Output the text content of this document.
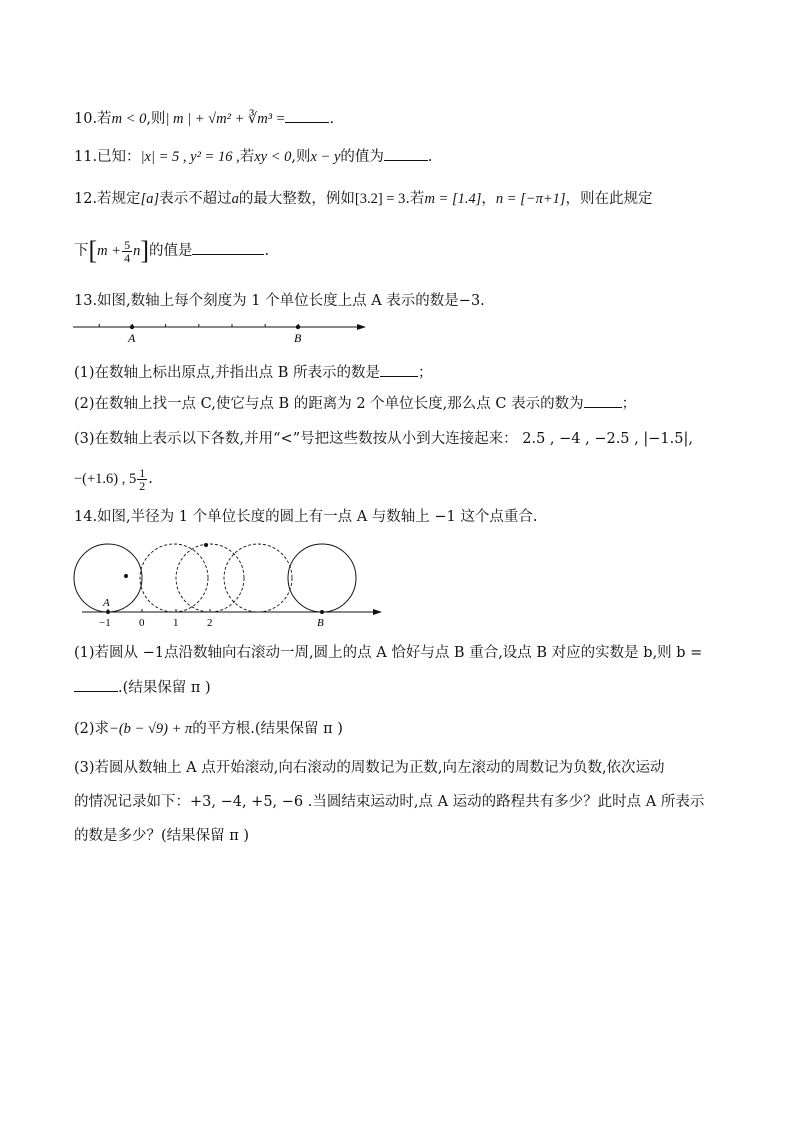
10.若m < 0,则| m | + √m² + ∛m³ =	.
11.已知：|x| = 5 , y² = 16 ,若xy < 0,则x − y的值为	.
12.若规定[a]表示不超过a的最大整数，例如[3.2] = 3.若m = [1.4]，n = [−π+1]，则在此规定
下$[m + \frac{5}{4} n]$的值是	.
13.如图,数轴上每个刻度为 1 个单位长度上点 A 表示的数是−3.
A	B
(1)在数轴上标出原点,并指出点 B 所表示的数是	；
(2)在数轴上找一点 C,使它与点 B 的距离为 2 个单位长度,那么点 C 表示的数为	；
(3)在数轴上表示以下各数,并用“<”号把这些数按从小到大连接起来： 2.5 , −4 , −2.5 , |−1.5|,
−(+1.6) , $5 \frac{1}{2}$ .
14.如图,半径为 1 个单位长度的圆上有一点 A 与数轴上 −1 这个点重合.
−1	0	1	2
A
B
(1)若圆从 −1点沿数轴向右滚动一周,圆上的点 A 恰好与点 B 重合,设点 B 对应的实数是 b,则 b =
.(结果保留 π )
(2)求−(b − √9) + π的平方根.(结果保留 π )
(3)若圆从数轴上 A 点开始滚动,向右滚动的周数记为正数,向左滚动的周数记为负数,依次运动
的情况记录如下：+3, −4, +5, −6 .当圆结束运动时,点 A 运动的路程共有多少？此时点 A 所表示
的数是多少？(结果保留 π )
